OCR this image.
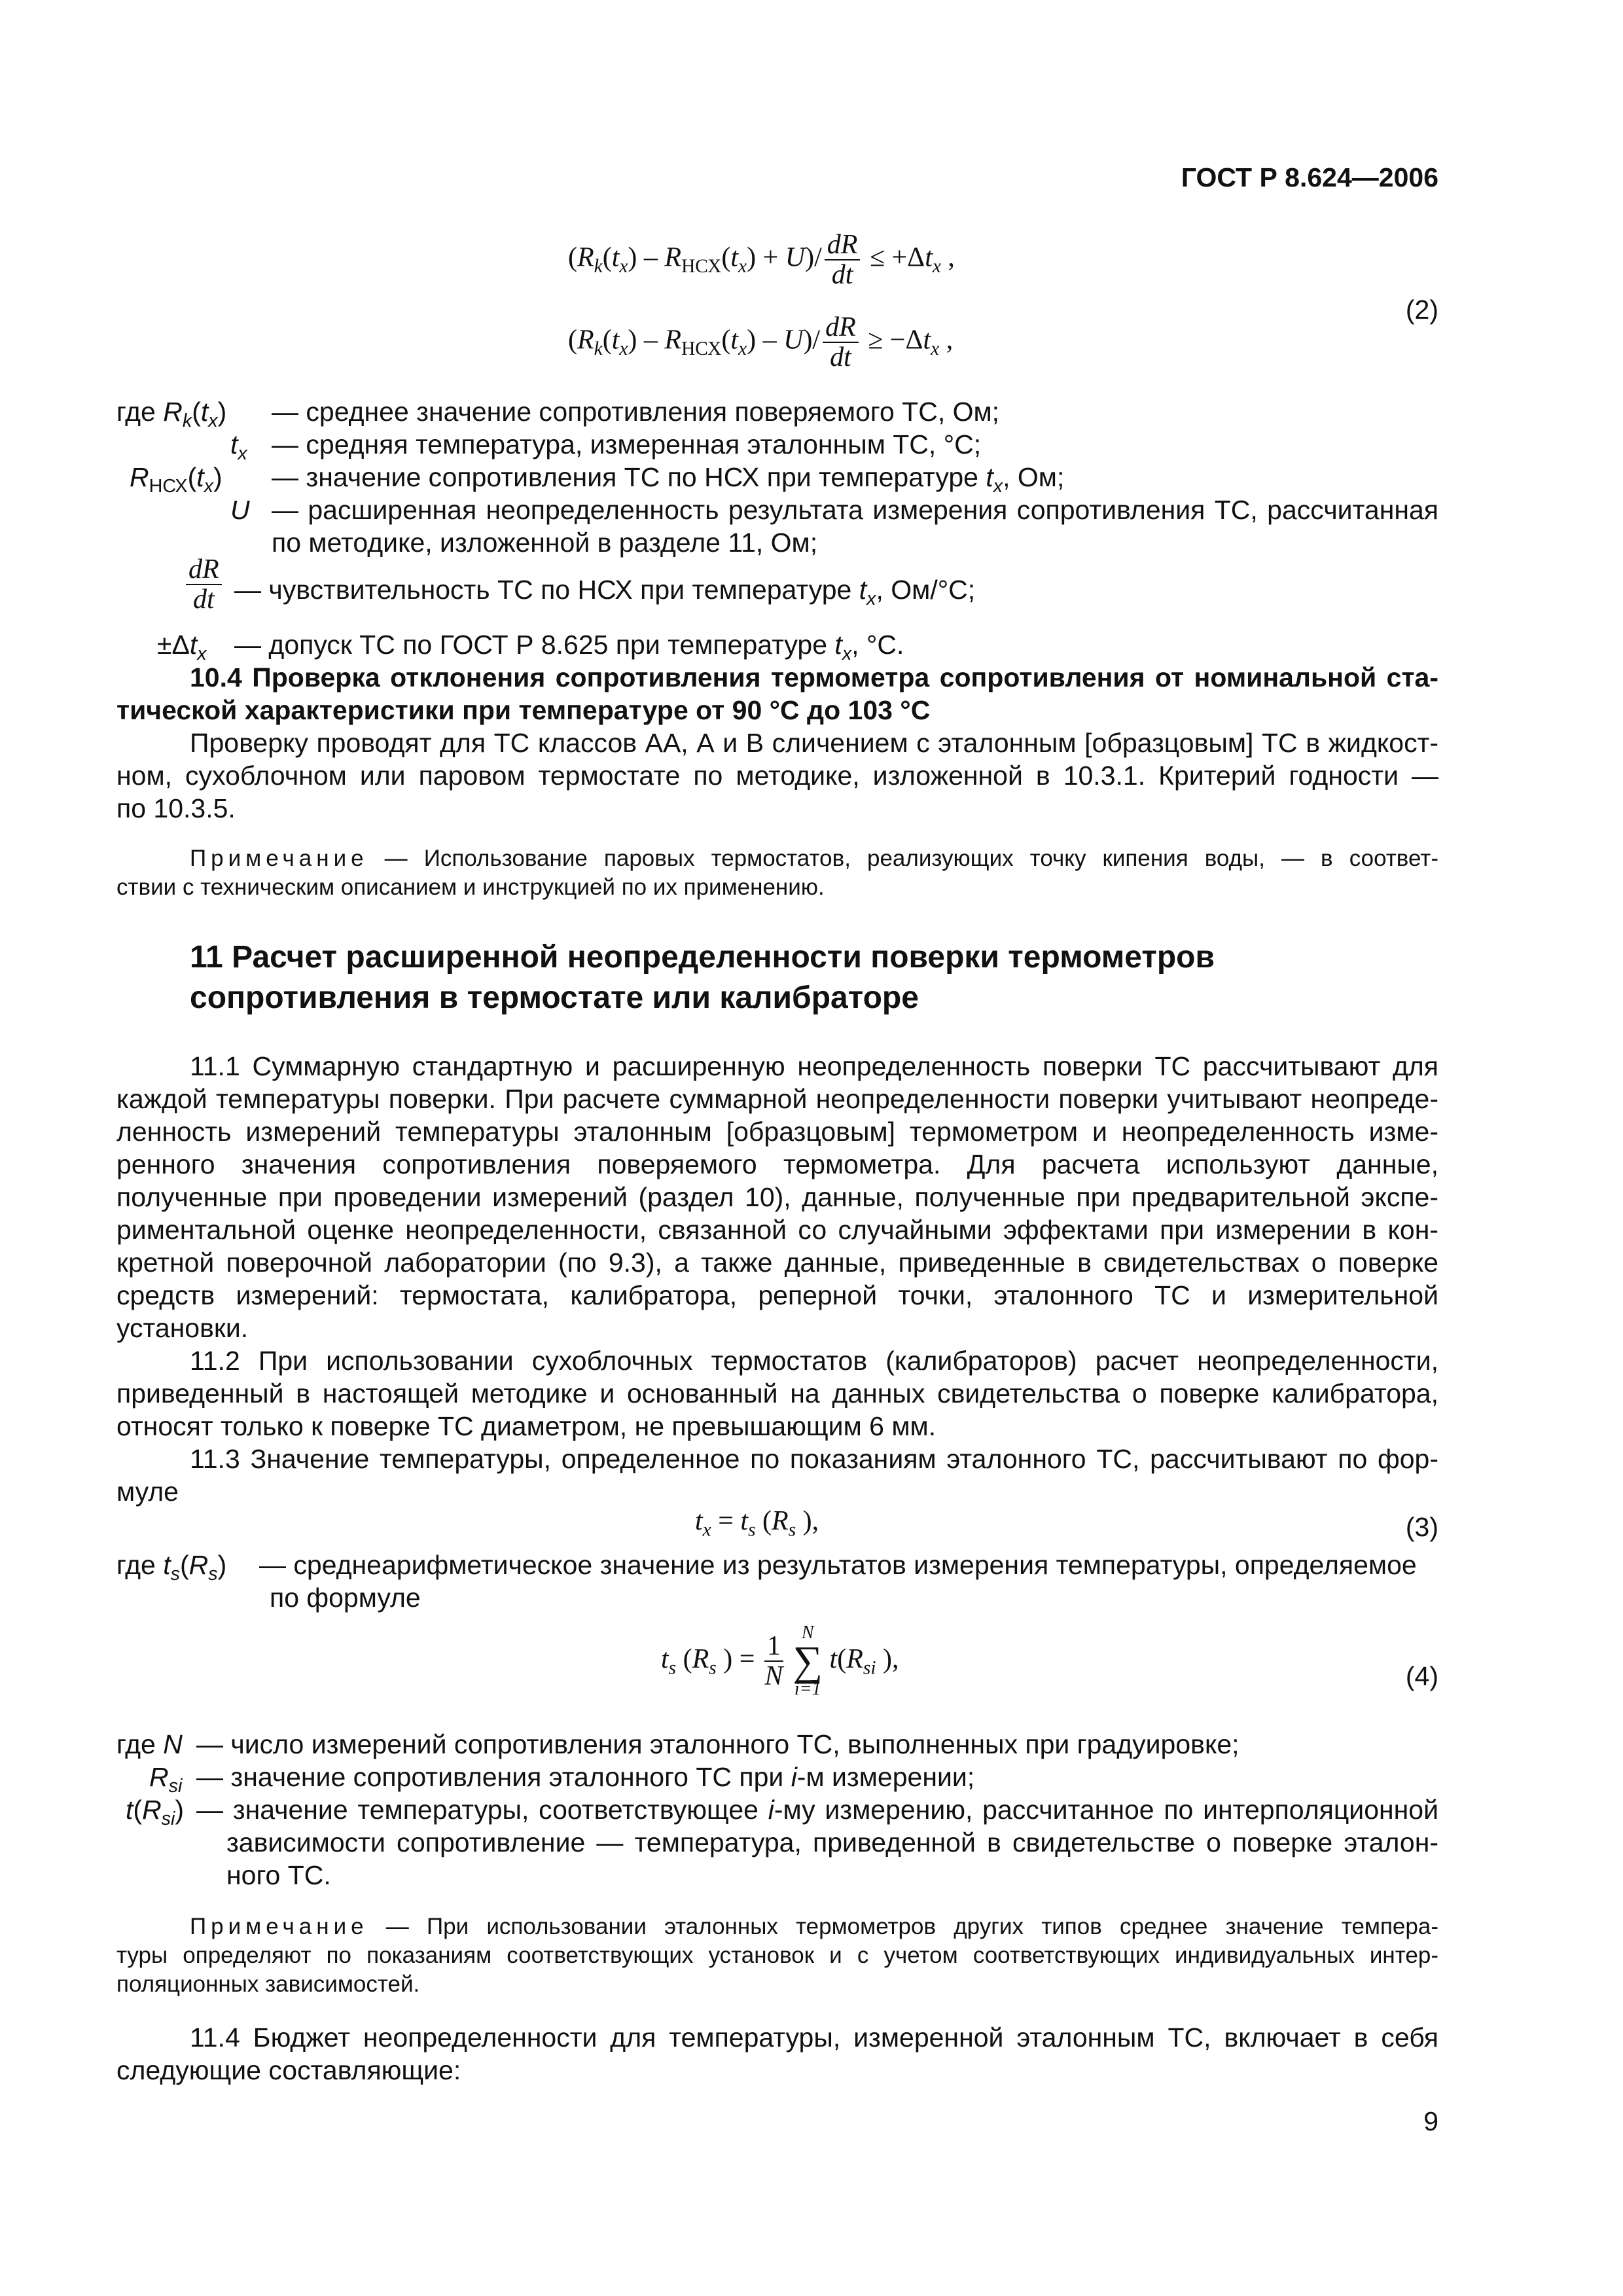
ГОСТ Р 8.624—2006
$(R_k(t_x) - R_{НСХ}(t_x) + U)/ \frac{dR}{dt} \le +\Delta t_x$ ,
$(R_k(t_x) - R_{НСХ}(t_x) - U)/ \frac{dR}{dt} \ge -\Delta t_x$ ,
(2)
где $R_k(t_x)$ — среднее значение сопротивления поверяемого ТС, Ом;
$t_x$ — средняя температура, измеренная эталонным ТС, °С;
$R_{НСХ}(t_x)$ — значение сопротивления ТС по НСХ при температуре $t_x$, Ом;
U — расширенная неопределенность результата измерения сопротивления ТС, рассчитанная
по методике, изложенной в разделе 11, Ом;
$\frac{dR}{dt}$ — чувствительность ТС по НСХ при температуре $t_x$, Ом/°С;
$\pm\Delta t_x$ — допуск ТС по ГОСТ Р 8.625 при температуре $t_x$, °С.
10.4 Проверка отклонения сопротивления термометра сопротивления от номинальной ста-
тической характеристики при температуре от 90 °С до 103 °С
Проверку проводят для ТС классов АА, А и В сличением с эталонным [образцовым] ТС в жидкост-
ном, сухоблочном или паровом термостате по методике, изложенной в 10.3.1. Критерий годности —
по 10.3.5.
Примечание — Использование паровых термостатов, реализующих точку кипения воды, — в соответ-
ствии с техническим описанием и инструкцией по их применению.
11 Расчет расширенной неопределенности поверки термометров
сопротивления в термостате или калибраторе
11.1 Суммарную стандартную и расширенную неопределенность поверки ТС рассчитывают для
каждой температуры поверки. При расчете суммарной неопределенности поверки учитывают неопреде-
ленность измерений температуры эталонным [образцовым] термометром и неопределенность изме-
ренного значения сопротивления поверяемого термометра. Для расчета используют данные,
полученные при проведении измерений (раздел 10), данные, полученные при предварительной экспе-
риментальной оценке неопределенности, связанной со случайными эффектами при измерении в кон-
кретной поверочной лаборатории (по 9.3), а также данные, приведенные в свидетельствах о поверке
средств измерений: термостата, калибратора, реперной точки, эталонного ТС и измерительной
установки.
11.2 При использовании сухоблочных термостатов (калибраторов) расчет неопределенности,
приведенный в настоящей методике и основанный на данных свидетельства о поверке калибратора,
относят только к поверке ТС диаметром, не превышающим 6 мм.
11.3 Значение температуры, определенное по показаниям эталонного ТС, рассчитывают по фор-
муле
$t_x = t_s$ ($R_s$ ),	(3)
где $t_s(R_s)$ — среднеарифметическое значение из результатов измерения температуры, определяемое
по формуле
$t_s$ ($R_s$ ) = $\frac{1}{N}$
N
∑
i=1
$t(R_{si}$ ),
(4)
где N — число измерений сопротивления эталонного ТС, выполненных при градуировке;
$R_{si}$ — значение сопротивления эталонного ТС при i-м измерении;
$t(R_{si})$ — значение температуры, соответствующее i-му измерению, рассчитанное по интерполяционной
зависимости сопротивление — температура, приведенной в свидетельстве о поверке эталон-
ного ТС.
Примечание — При использовании эталонных термометров других типов среднее значение темпера-
туры определяют по показаниям соответствующих установок и с учетом соответствующих индивидуальных интер-
поляционных зависимостей.
11.4 Бюджет неопределенности для температуры, измеренной эталонным ТС, включает в себя
следующие составляющие:
9
